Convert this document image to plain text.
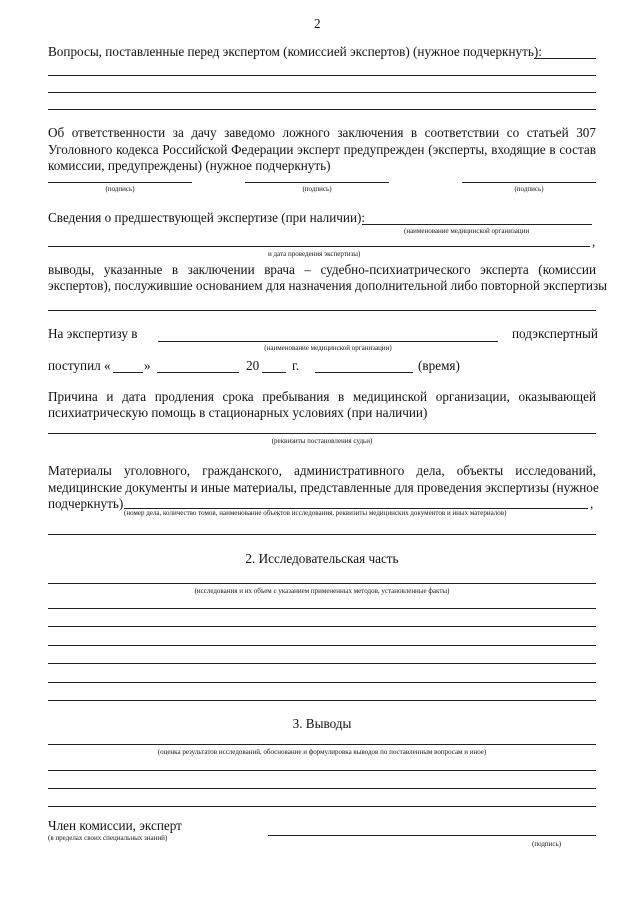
2
Вопросы, поставленные перед экспертом (комиссией экспертов) (нужное подчеркнуть):
Об ответственности за дачу заведомо ложного заключения в соответствии со статьей 307
Уголовного кодекса Российской Федерации эксперт предупрежден (эксперты, входящие в состав
комиссии, предупреждены) (нужное подчеркнуть)
(подпись)	(подпись)	(подпись)
Сведения о предшествующей экспертизе (при наличии):
(наименование медицинской организации
,
и дата проведения экспертизы)
выводы, указанные в заключении врача – судебно-психиатрического эксперта (комиссии
экспертов), послужившие основанием для назначения дополнительной либо повторной экспертизы
На экспертизу в	подэкспертный
(наименование медицинской организации)
поступил «	»	20 г.	(время)
Причина и дата продления срока пребывания в медицинской организации, оказывающей
психиатрическую помощь в стационарных условиях (при наличии)
(реквизиты постановления судьи)
Материалы уголовного, гражданского, административного дела, объекты исследований,
медицинские документы и иные материалы, представленные для проведения экспертизы (нужное
подчеркнуть)	,
(номер дела, количество томов, наименование объектов исследования, реквизиты медицинских документов и иных материалов)
2. Исследовательская часть
(исследования и их объем с указанием примененных методов, установленные факты)
3. Выводы
(оценка результатов исследований, обоснование и формулировка выводов по поставленным вопросам и иное)
Член комиссии, эксперт
(в пределах своих специальных знаний)
(подпись)
